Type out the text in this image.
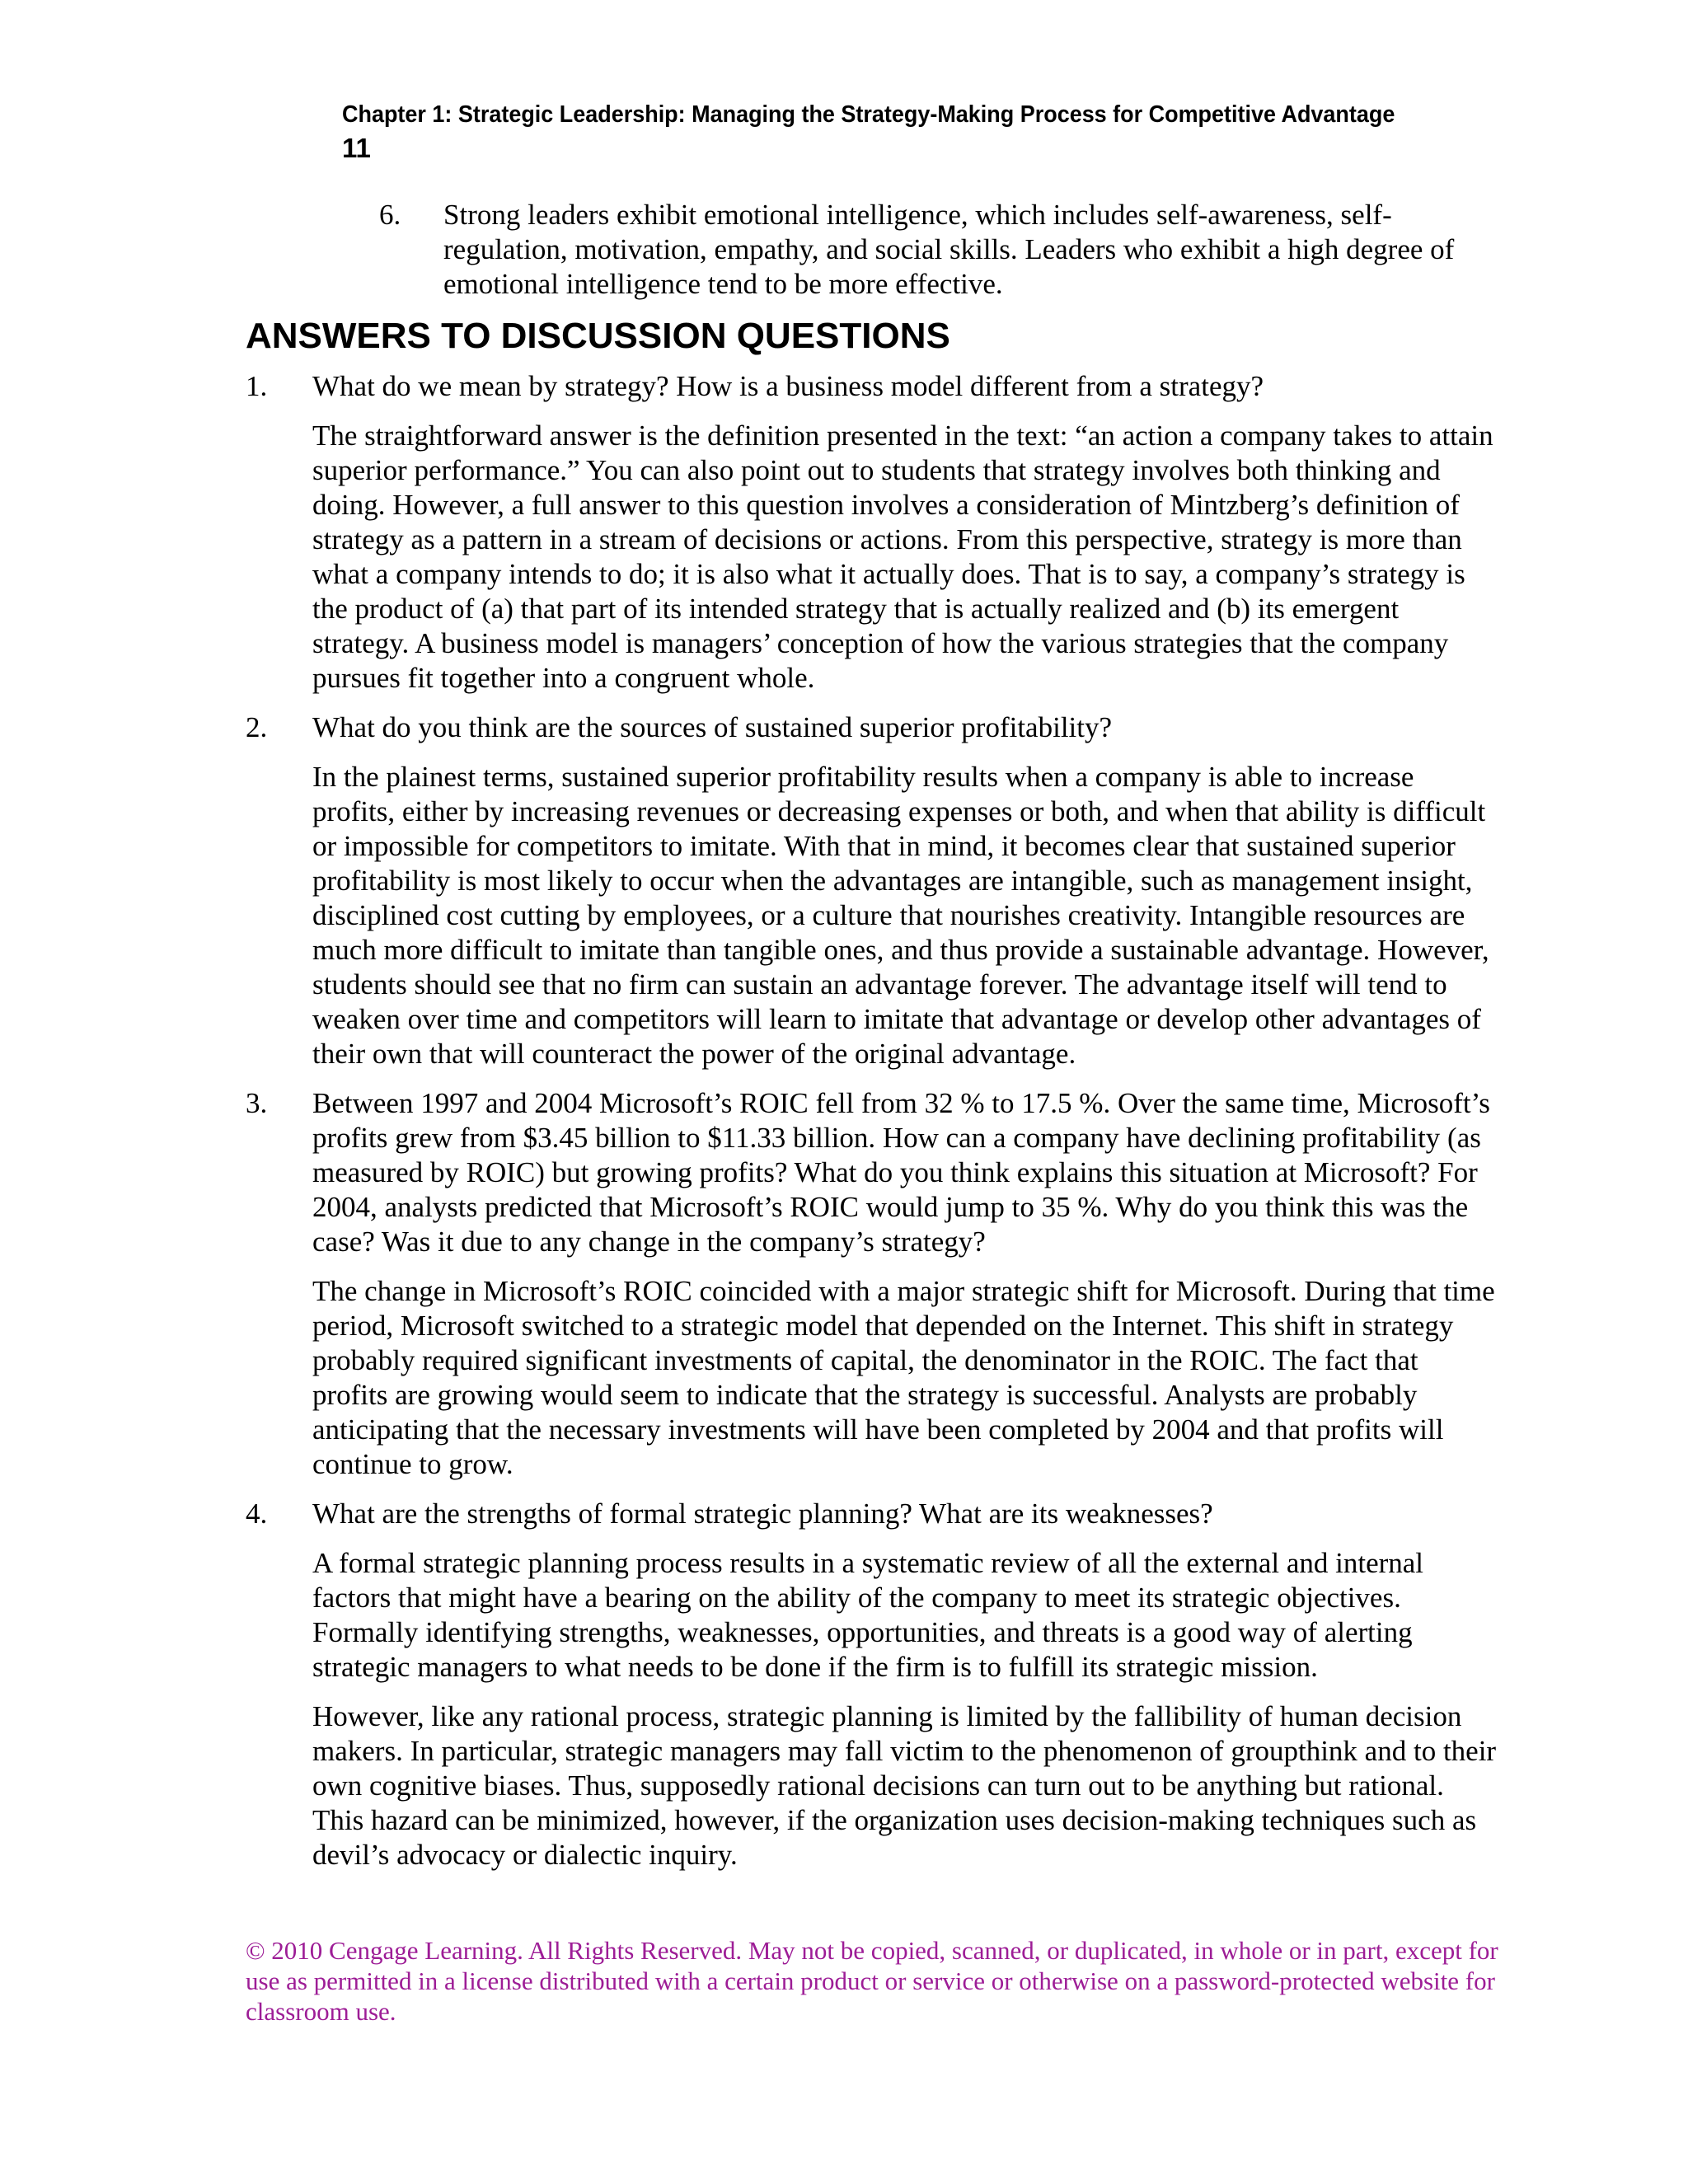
Chapter 1: Strategic Leadership: Managing the Strategy-Making Process for Competitive Advantage
11
6. Strong leaders exhibit emotional intelligence, which includes self-awareness, self-regulation, motivation, empathy, and social skills. Leaders who exhibit a high degree of emotional intelligence tend to be more effective.
ANSWERS TO DISCUSSION QUESTIONS
1. What do we mean by strategy? How is a business model different from a strategy?
The straightforward answer is the definition presented in the text: “an action a company takes to attain superior performance.” You can also point out to students that strategy involves both thinking and doing. However, a full answer to this question involves a consideration of Mintzberg’s definition of strategy as a pattern in a stream of decisions or actions. From this perspective, strategy is more than what a company intends to do; it is also what it actually does. That is to say, a company’s strategy is the product of (a) that part of its intended strategy that is actually realized and (b) its emergent strategy. A business model is managers’ conception of how the various strategies that the company pursues fit together into a congruent whole.
2. What do you think are the sources of sustained superior profitability?
In the plainest terms, sustained superior profitability results when a company is able to increase profits, either by increasing revenues or decreasing expenses or both, and when that ability is difficult or impossible for competitors to imitate. With that in mind, it becomes clear that sustained superior profitability is most likely to occur when the advantages are intangible, such as management insight, disciplined cost cutting by employees, or a culture that nourishes creativity. Intangible resources are much more difficult to imitate than tangible ones, and thus provide a sustainable advantage. However, students should see that no firm can sustain an advantage forever. The advantage itself will tend to weaken over time and competitors will learn to imitate that advantage or develop other advantages of their own that will counteract the power of the original advantage.
3. Between 1997 and 2004 Microsoft’s ROIC fell from 32 % to 17.5 %. Over the same time, Microsoft’s profits grew from $3.45 billion to $11.33 billion. How can a company have declining profitability (as measured by ROIC) but growing profits? What do you think explains this situation at Microsoft? For 2004, analysts predicted that Microsoft’s ROIC would jump to 35 %. Why do you think this was the case? Was it due to any change in the company’s strategy?
The change in Microsoft’s ROIC coincided with a major strategic shift for Microsoft. During that time period, Microsoft switched to a strategic model that depended on the Internet. This shift in strategy probably required significant investments of capital, the denominator in the ROIC. The fact that profits are growing would seem to indicate that the strategy is successful. Analysts are probably anticipating that the necessary investments will have been completed by 2004 and that profits will continue to grow.
4. What are the strengths of formal strategic planning? What are its weaknesses?
A formal strategic planning process results in a systematic review of all the external and internal factors that might have a bearing on the ability of the company to meet its strategic objectives. Formally identifying strengths, weaknesses, opportunities, and threats is a good way of alerting strategic managers to what needs to be done if the firm is to fulfill its strategic mission.
However, like any rational process, strategic planning is limited by the fallibility of human decision makers. In particular, strategic managers may fall victim to the phenomenon of groupthink and to their own cognitive biases. Thus, supposedly rational decisions can turn out to be anything but rational. This hazard can be minimized, however, if the organization uses decision-making techniques such as devil’s advocacy or dialectic inquiry.
© 2010 Cengage Learning. All Rights Reserved. May not be copied, scanned, or duplicated, in whole or in part, except for use as permitted in a license distributed with a certain product or service or otherwise on a password-protected website for classroom use.
